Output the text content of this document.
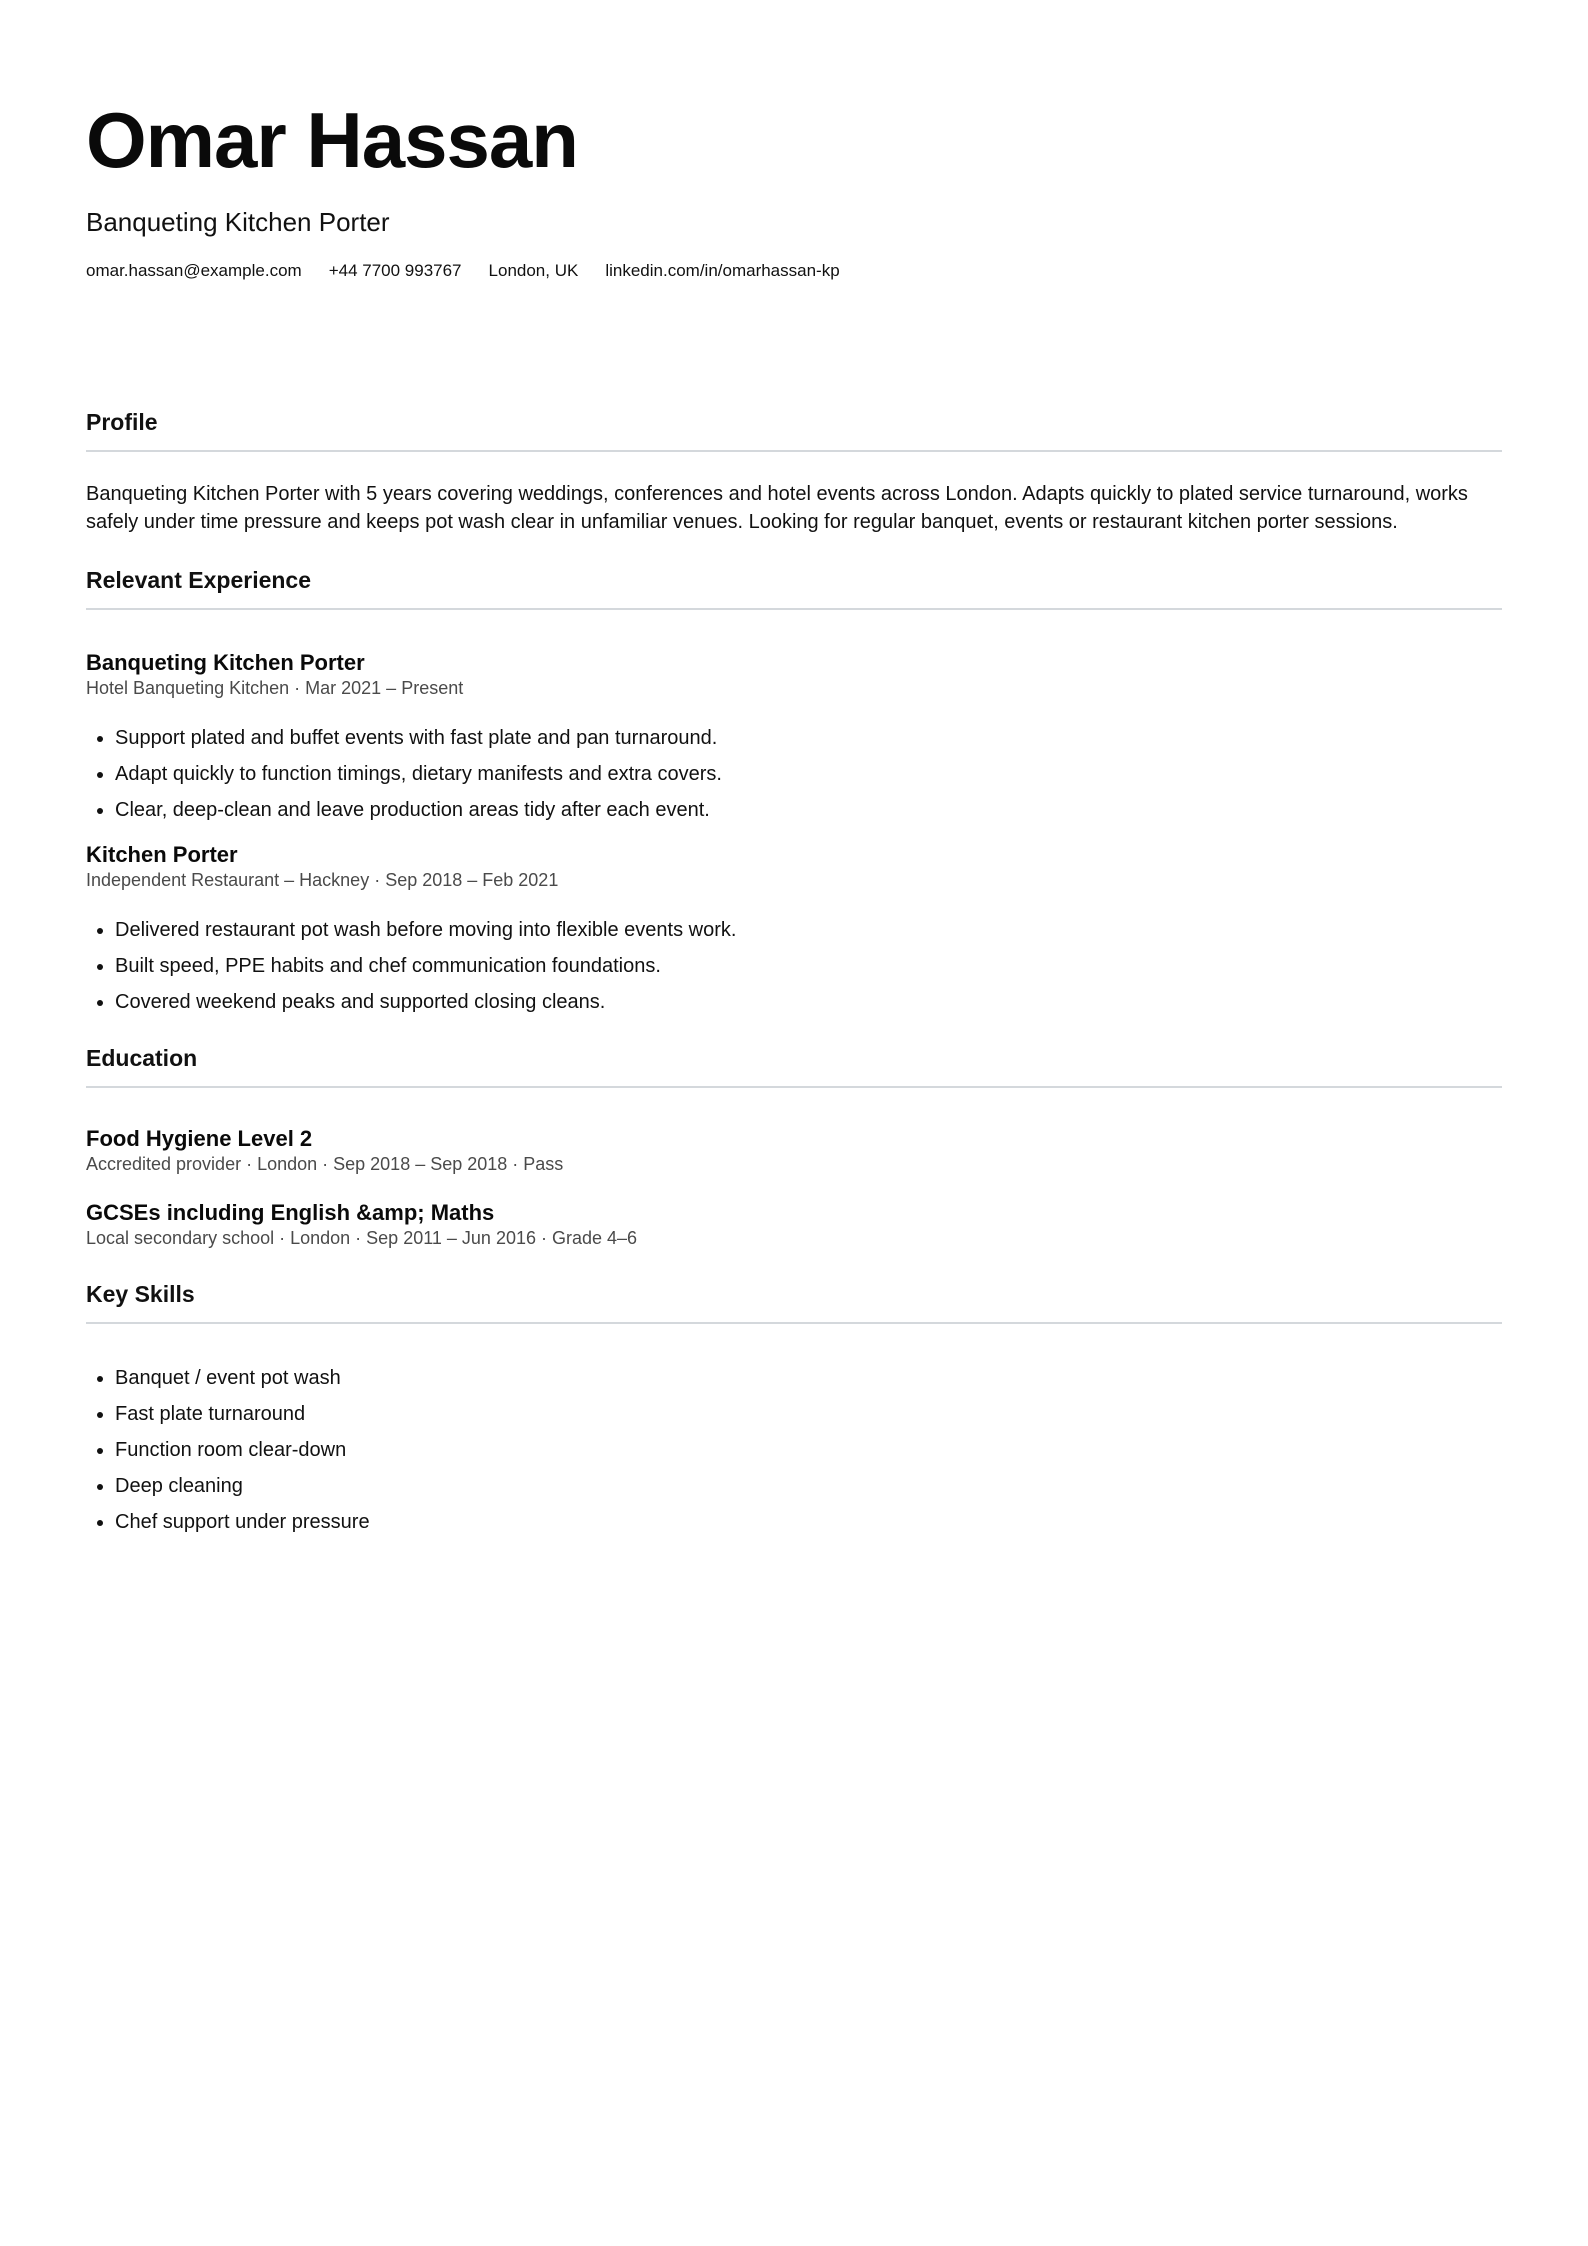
Omar Hassan
Banqueting Kitchen Porter
omar.hassan@example.com +44 7700 993767 London, UK linkedin.com/in/omarhassan-kp
Profile
Banqueting Kitchen Porter with 5 years covering weddings, conferences and hotel events across London. Adapts quickly to plated service turnaround, works safely under time pressure and keeps pot wash clear in unfamiliar venues. Looking for regular banquet, events or restaurant kitchen porter sessions.
Relevant Experience
Banqueting Kitchen Porter
Hotel Banqueting Kitchen · Mar 2021 – Present
• Support plated and buffet events with fast plate and pan turnaround.
• Adapt quickly to function timings, dietary manifests and extra covers.
• Clear, deep-clean and leave production areas tidy after each event.
Kitchen Porter
Independent Restaurant – Hackney · Sep 2018 – Feb 2021
• Delivered restaurant pot wash before moving into flexible events work.
• Built speed, PPE habits and chef communication foundations.
• Covered weekend peaks and supported closing cleans.
Education
Food Hygiene Level 2
Accredited provider · London · Sep 2018 – Sep 2018 · Pass
GCSEs including English &amp; Maths
Local secondary school · London · Sep 2011 – Jun 2016 · Grade 4–6
Key Skills
• Banquet / event pot wash
• Fast plate turnaround
• Function room clear-down
• Deep cleaning
• Chef support under pressure
